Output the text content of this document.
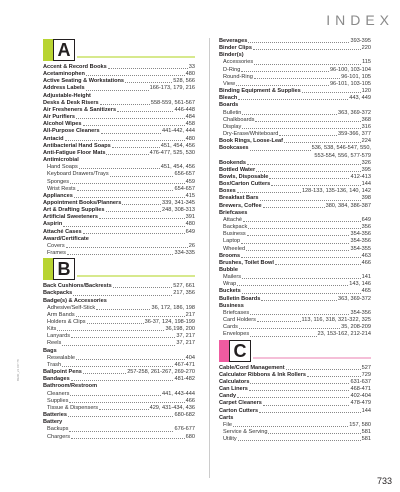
INDEX
BE00_21 OP 78
A
Accent & Record Books	33
Acetaminophen	480
Active Seating & Workstations	528, 566
Address Labels	166-173, 179, 216
Adjustable-Height
Desks & Desk Risers	558-559, 561-567
Air Fresheners & Sanitizers	446-448
Air Purifiers	484
Alcohol Wipes	458
All-Purpose Cleaners	441-442, 444
Antacid	480
Antibacterial Hand Soaps	451, 454, 456
Anti-Fatigue Floor Mats	476-477, 525, 530
Antimicrobial
Hand Soaps	451, 454, 456
Keyboard Drawers/Trays	656-657
Sponges	459
Wrist Rests	654-657
Appliances	415
Appointment Books/Planners	339, 341-345
Art & Drafting Supplies	248, 308-313
Artificial Sweeteners	391
Aspirin	480
Attaché Cases	649
Award/Certificate
Covers	26
Frames	334-335
B
Back Cushions/Backrests	527, 661
Backpacks	217, 356
Badge(s) & Accessories
Adhesive/Self-Stick	36, 172, 186, 198
Arm Bands	217
Holders & Clips	36-37, 124, 198-199
Kits	36,198, 200
Lanyards	37, 217
Reels	37, 217
Bags
Resealable	404
Trash	467-471
Ballpoint Pens	257-258, 261-267, 269-270
Bandages	481-482
Bathroom/Restroom
Cleaners	441, 443-444
Supplies	466
Tissue & Dispensers	429, 431-434, 436
Batteries	680-682
Battery
Backups	676-677
Chargers	680
Beverages	393-395
Binder Clips	220
Binder(s)
Accessories	115
D-Ring	96-100, 103-104
Round-Ring	96-101, 105
View	96-101, 103-105
Binding Equipment & Supplies	120
Bleach	443, 449
Boards
Bulletin	363, 369-372
Chalkboards	368
Display	316
Dry-Erase/Whiteboard	359-366, 377
Book Rings, Loose-Leaf	224
Bookcases	536, 538, 546-547, 550,
553-554, 556, 577-579
Bookends	326
Bottled Water	395
Bowls, Disposable	412-413
Box/Carton Cutters	144
Boxes	128-133, 135-136, 140, 142
Breakfast Bars	398
Brewers, Coffee	380, 384, 386-387
Briefcases
Attaché	649
Backpack	356
Business	354-356
Laptop	354-356
Wheeled	354-355
Brooms	463
Brushes, Toilet Bowl	466
Bubble
Mailers	141
Wrap	143, 146
Buckets	465
Bulletin Boards	363, 369-372
Business
Briefcases	354-356
Card Holders	113, 116, 318, 321-322, 325
Cards	35, 208-209
Envelopes	23, 153-162, 212-214
C
Cable/Cord Management	527
Calculator Ribbons & Ink Rollers	729
Calculators	631-637
Can Liners	468-471
Candy	402-404
Carpet Cleaners	478-479
Carton Cutters	144
Carts
File	157, 580
Service & Serving	581
Utility	581
733
